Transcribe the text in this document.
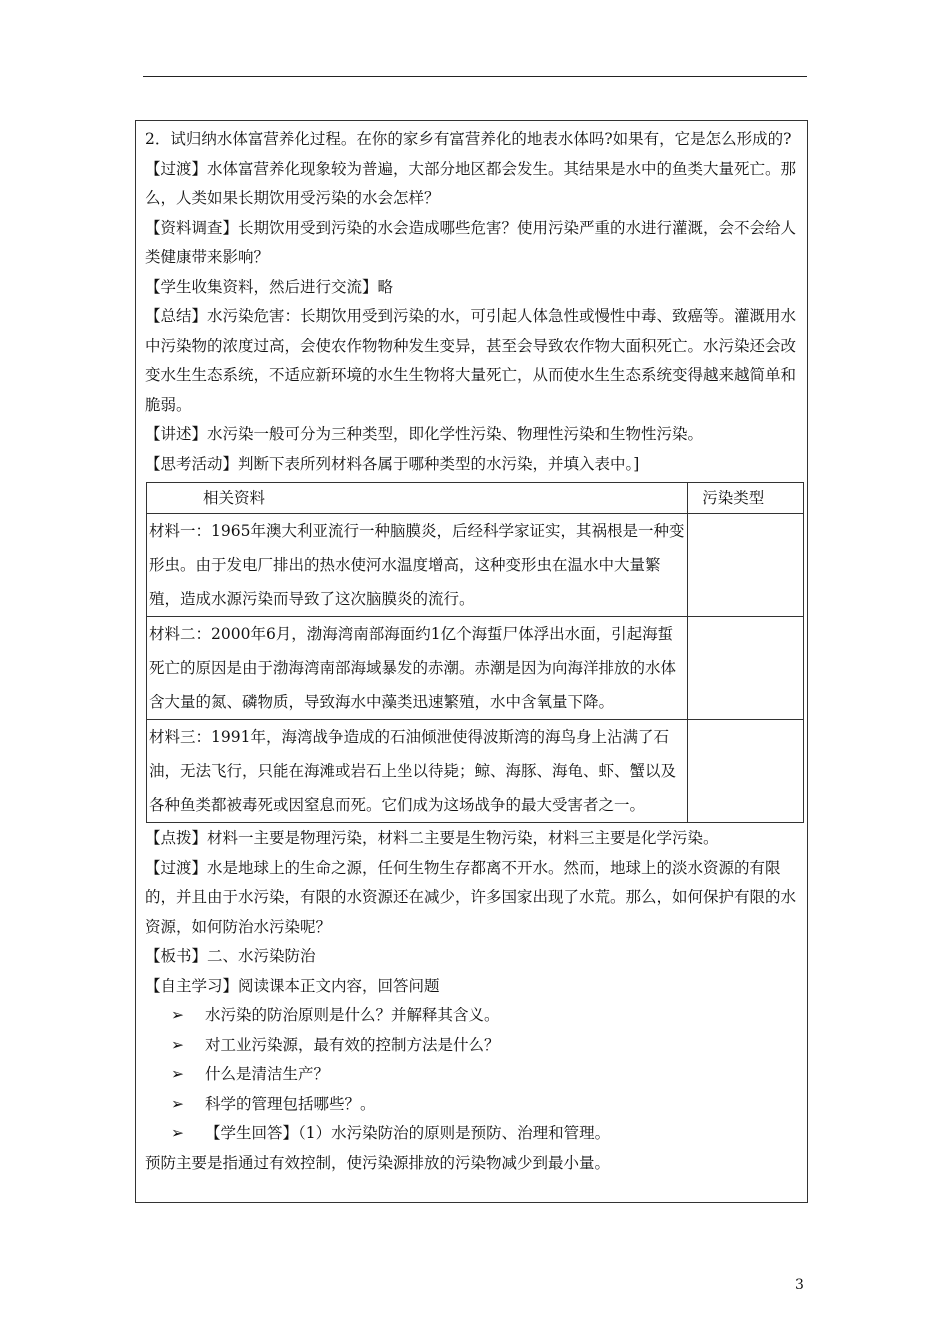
2．试归纳水体富营养化过程。在你的家乡有富营养化的地表水体吗?如果有，它是怎么形成的?

【过渡】水体富营养化现象较为普遍，大部分地区都会发生。其结果是水中的鱼类大量死亡。那么，人类如果长期饮用受污染的水会怎样？

【资料调查】长期饮用受到污染的水会造成哪些危害？使用污染严重的水进行灌溉，会不会给人类健康带来影响？

【学生收集资料，然后进行交流】略

【总结】水污染危害：长期饮用受到污染的水，可引起人体急性或慢性中毒、致癌等。灌溉用水中污染物的浓度过高，会使农作物物种发生变异，甚至会导致农作物大面积死亡。水污染还会改变水生生态系统，不适应新环境的水生生物将大量死亡，从而使水生生态系统变得越来越简单和脆弱。

【讲述】水污染一般可分为三种类型，即化学性污染、物理性污染和生物性污染。

【思考活动】判断下表所列材料各属于哪种类型的水污染，并填入表中。]

相关资料	污染类型
材料一：1965年澳大利亚流行一种脑膜炎，后经科学家证实，其祸根是一种变形虫。由于发电厂排出的热水使河水温度增高，这种变形虫在温水中大量繁殖，造成水源污染而导致了这次脑膜炎的流行。	
材料二：2000年6月，渤海湾南部海面约1亿个海蜇尸体浮出水面，引起海蜇死亡的原因是由于渤海湾南部海域暴发的赤潮。赤潮是因为向海洋排放的水体含大量的氮、磷物质，导致海水中藻类迅速繁殖，水中含氧量下降。	
材料三：1991年，海湾战争造成的石油倾泄使得波斯湾的海鸟身上沾满了石油，无法飞行，只能在海滩或岩石上坐以待毙；鲸、海豚、海龟、虾、蟹以及各种鱼类都被毒死或因窒息而死。它们成为这场战争的最大受害者之一。	

【点拨】材料一主要是物理污染，材料二主要是生物污染，材料三主要是化学污染。

【过渡】水是地球上的生命之源，任何生物生存都离不开水。然而，地球上的淡水资源的有限的，并且由于水污染，有限的水资源还在减少，许多国家出现了水荒。那么，如何保护有限的水资源，如何防治水污染呢？

【板书】二、水污染防治

【自主学习】阅读课本正文内容，回答问题

➢ 水污染的防治原则是什么？并解释其含义。

➢ 对工业污染源，最有效的控制方法是什么？

➢ 什么是清洁生产？

➢ 科学的管理包括哪些？。

➢ 【学生回答】（1）水污染防治的原则是预防、治理和管理。

预防主要是指通过有效控制，使污染源排放的污染物减少到最小量。

3
